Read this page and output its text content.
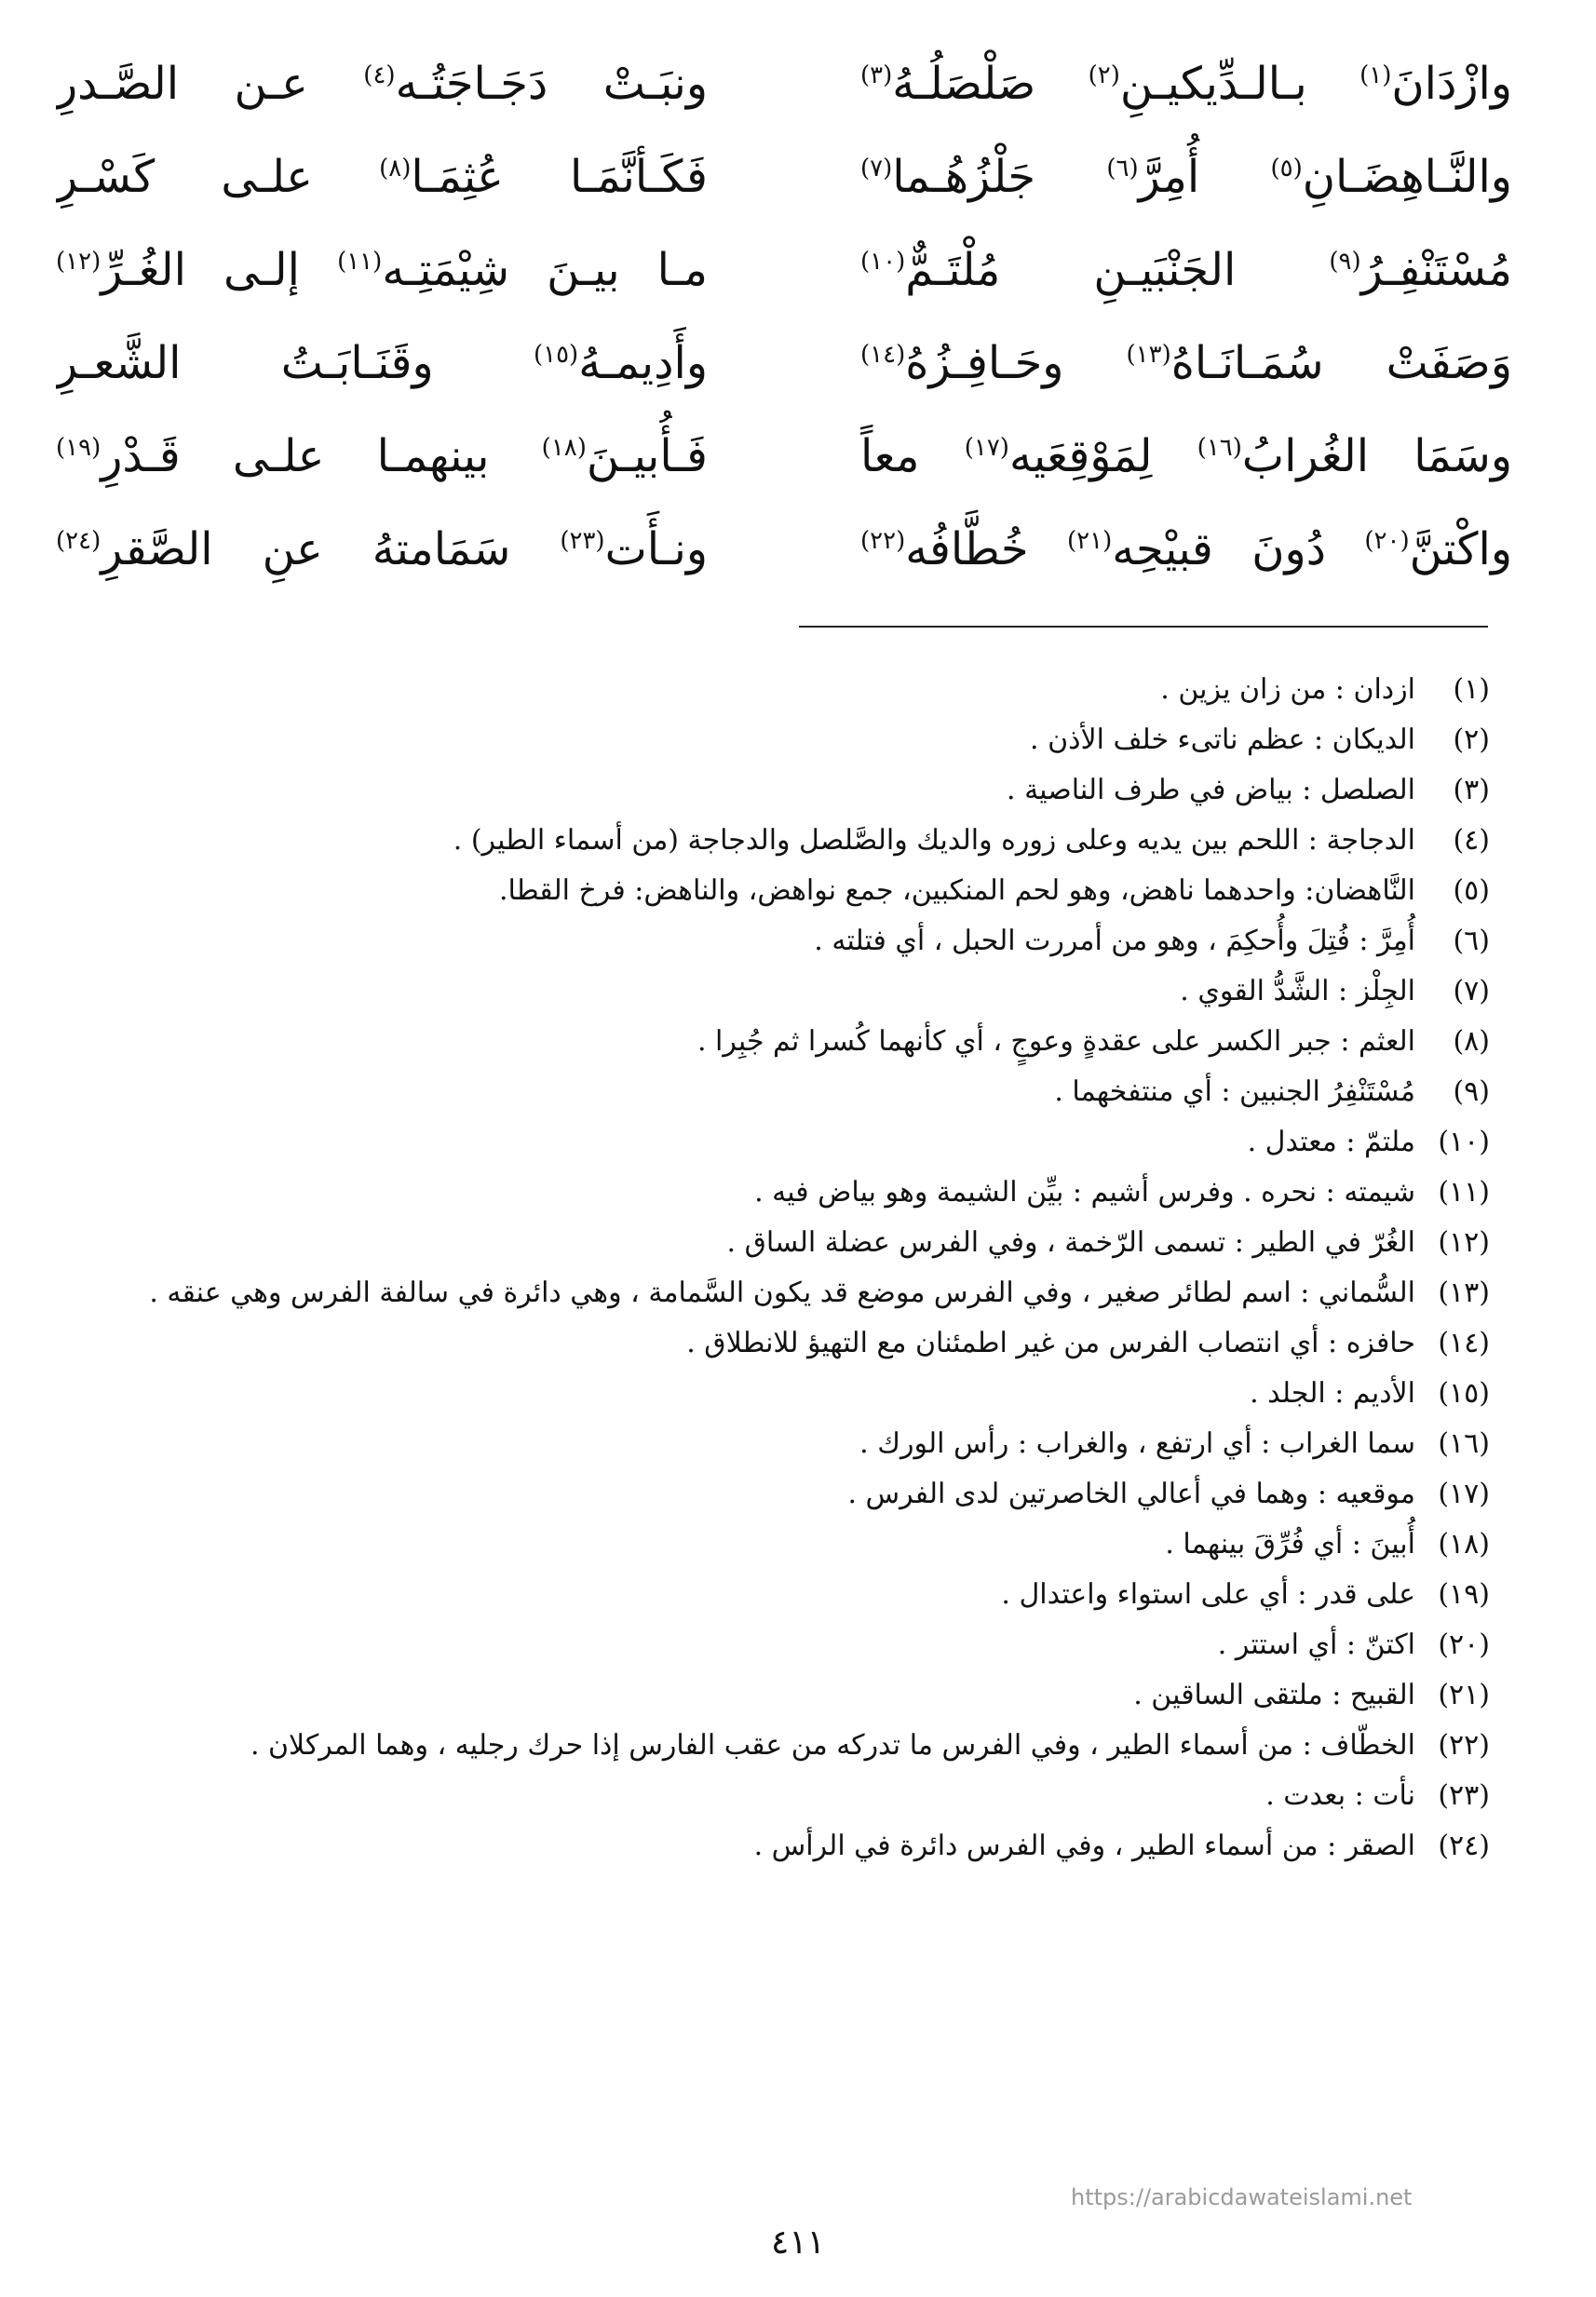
وازْدَانَ$^{(١)}$ بـالـدِّيكيـنِ$^{(٢)}$ صَلْصَلُـهُ$^{(٣)}$
ونبَـتْ دَجَـاجَتُـه$^{(٤)}$ عـن الصَّـدرِ
والنَّـاهِضَـانِ$^{(٥)}$ أُمِرَّ$^{(٦)}$ جَلْزُهُـما$^{(٧)}$
فَكَـأنَّمَـا عُثِمَـا$^{(٨)}$ علـى كَسْـرِ
مُسْتَنْفِـرُ$^{(٩)}$ الجَنْبَيـنِ مُلْتَـمٌّ$^{(١٠)}$
مـا بيـنَ شِيْمَتِـه$^{(١١)}$ إلـى الغُـرِّ$^{(١٢)}$
وَصَفَتْ سُمَـانَـاهُ$^{(١٣)}$ وحَـافِـزُهُ$^{(١٤)}$
وأَدِيمـهُ$^{(١٥)}$ وقَنَـابَـتُ الشَّعـرِ
وسَمَا الغُرابُ$^{(١٦)}$ لِمَوْقِعَيه$^{(١٧)}$ معاً
فَـأُبيـنَ$^{(١٨)}$ بينهمـا علـى قَـدْرِ$^{(١٩)}$
واكْتنَّ$^{(٢٠)}$ دُونَ قبيْحِه$^{(٢١)}$ خُطَّافُه$^{(٢٢)}$
ونـأَت$^{(٢٣)}$ سَمَامتهُ عنِ الصَّقرِ$^{(٢٤)}$
(١)
ازدان : من زان يزين .
(٢)
الديكان : عظم ناتىء خلف الأذن .
(٣)
الصلصل : بياض في طرف الناصية .
(٤)
الدجاجة : اللحم بين يديه وعلى زوره والديك والصَّلصل والدجاجة (من أسماء الطير) .
(٥)
النَّاهضان: واحدهما ناهض، وهو لحم المنكبين، جمع نواهض، والناهض: فرخ القطا.
(٦)
أُمِرَّ : فُتِلَ وأُحكِمَ ، وهو من أمررت الحبل ، أي فتلته .
(٧)
الجِلْز : الشَّدُّ القوي .
(٨)
العثم : جبر الكسر على عقدةٍ وعوجٍ ، أي كأنهما كُسرا ثم جُبِرا .
(٩)
مُسْتَنْفِرُ الجنبين : أي منتفخهما .
(١٠)
ملتمّ : معتدل .
(١١)
شيمته : نحره . وفرس أشيم : بيِّن الشيمة وهو بياض فيه .
(١٢)
الغُرّ في الطير : تسمى الرّخمة ، وفي الفرس عضلة الساق .
(١٣)
السُّماني : اسم لطائر صغير ، وفي الفرس موضع قد يكون السَّمامة ، وهي دائرة في سالفة الفرس وهي عنقه .
(١٤)
حافزه : أي انتصاب الفرس من غير اطمئنان مع التهيؤ للانطلاق .
(١٥)
الأديم : الجلد .
(١٦)
سما الغراب : أي ارتفع ، والغراب : رأس الورك .
(١٧)
موقعيه : وهما في أعالي الخاصرتين لدى الفرس .
(١٨)
أُبينَ : أي فُرِّقَ بينهما .
(١٩)
على قدر : أي على استواء واعتدال .
(٢٠)
اكتنّ : أي استتر .
(٢١)
القبيح : ملتقى الساقين .
(٢٢)
الخطّاف : من أسماء الطير ، وفي الفرس ما تدركه من عقب الفارس إذا حرك رجليه ، وهما المركلان .
(٢٣)
نأت : بعدت .
(٢٤)
الصقر : من أسماء الطير ، وفي الفرس دائرة في الرأس .
https://arabicdawateislami.net
٤١١
